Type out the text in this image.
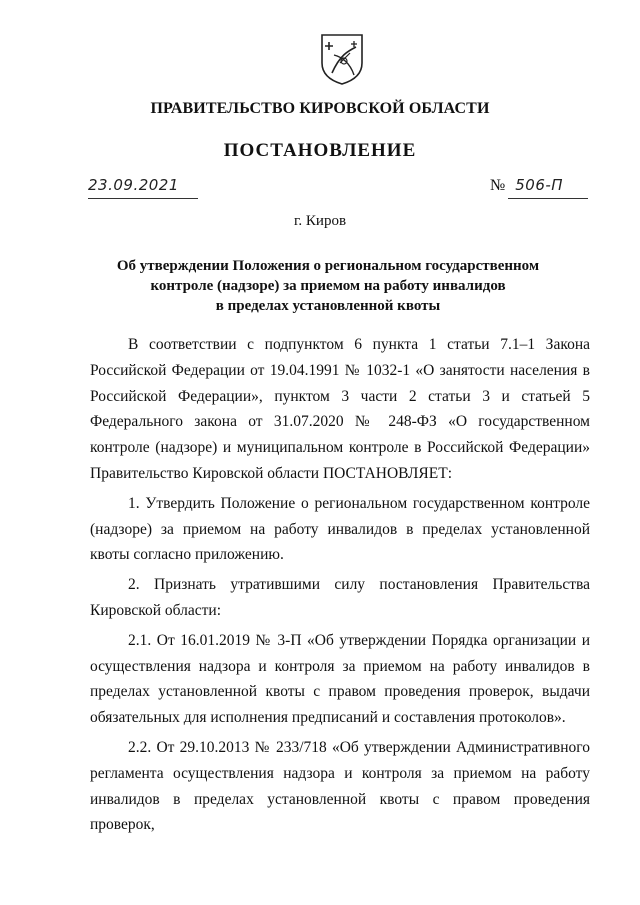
ПРАВИТЕЛЬСТВО КИРОВСКОЙ ОБЛАСТИ
ПОСТАНОВЛЕНИЕ
23.09.2021	№ 506-П
г. Киров
Об утверждении Положения о региональном государственном
контроле (надзоре) за приемом на работу инвалидов
в пределах установленной квоты

В соответствии с подпунктом 6 пункта 1 статьи 7.1–1 Закона Российской Федерации от 19.04.1991 № 1032-1 «О занятости населения в Российской Федерации», пунктом 3 части 2 статьи 3 и статьей 5 Федерального закона от 31.07.2020 № 248-ФЗ «О государственном контроле (надзоре) и муниципальном контроле в Российской Федерации» Правительство Кировской области ПОСТАНОВЛЯЕТ:

1. Утвердить Положение о региональном государственном контроле (надзоре) за приемом на работу инвалидов в пределах установленной квоты согласно приложению.

2. Признать утратившими силу постановления Правительства Кировской области:

2.1. От 16.01.2019 № 3-П «Об утверждении Порядка организации и осуществления надзора и контроля за приемом на работу инвалидов в пределах установленной квоты с правом проведения проверок, выдачи обязательных для исполнения предписаний и составления протоколов».

2.2. От 29.10.2013 № 233/718 «Об утверждении Административного регламента осуществления надзора и контроля за приемом на работу инвалидов в пределах установленной квоты с правом проведения проверок,
